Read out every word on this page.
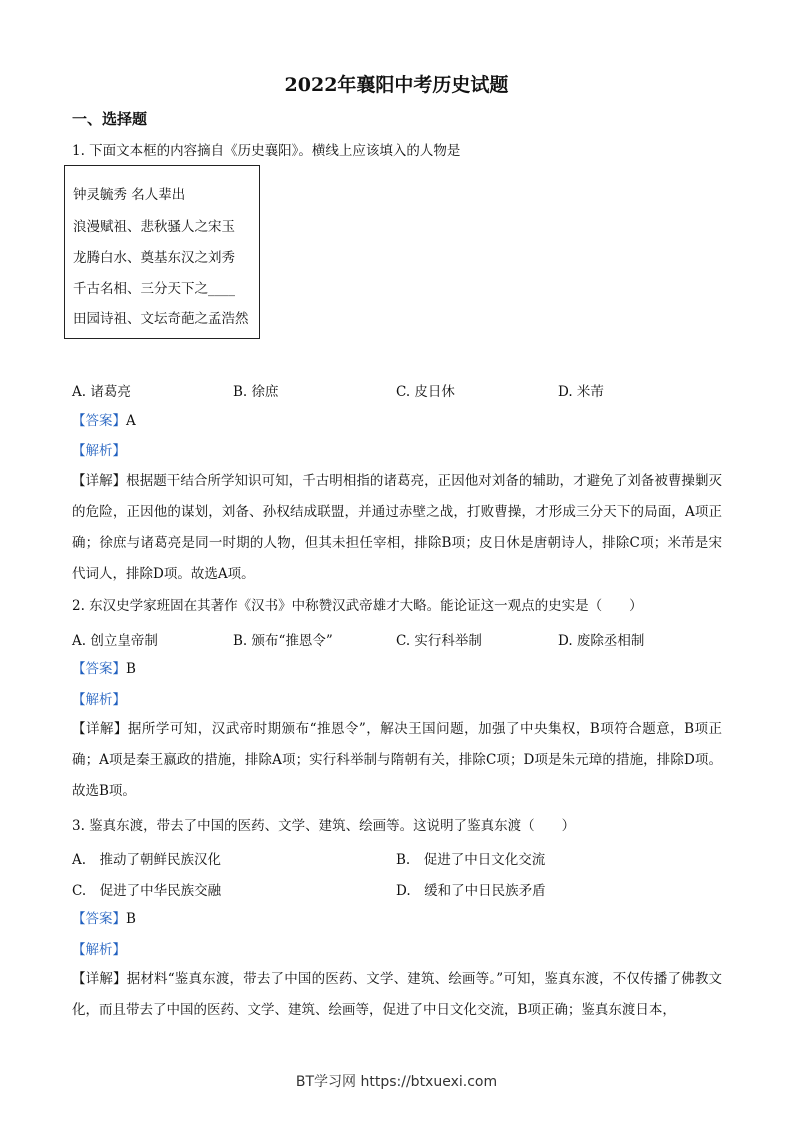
2022年襄阳中考历史试题
一、选择题
1. 下面文本框的内容摘自《历史襄阳》。横线上应该填入的人物是
钟灵毓秀 名人辈出
浪漫赋祖、悲秋骚人之宋玉
龙腾白水、奠基东汉之刘秀
千古名相、三分天下之____
田园诗祖、文坛奇葩之孟浩然
A. 诸葛亮	B. 徐庶	C. 皮日休	D. 米芾
【答案】A
【解析】
【详解】根据题干结合所学知识可知，千古明相指的诸葛亮，正因他对刘备的辅助，才避免了刘备被曹操剿灭的危险，正因他的谋划，刘备、孙权结成联盟，并通过赤壁之战，打败曹操，才形成三分天下的局面，A项正确；徐庶与诸葛亮是同一时期的人物，但其未担任宰相，排除B项；皮日休是唐朝诗人，排除C项；米芾是宋代词人，排除D项。故选A项。
2. 东汉史学家班固在其著作《汉书》中称赞汉武帝雄才大略。能论证这一观点的史实是（　　）
A. 创立皇帝制	B. 颁布“推恩令”	C. 实行科举制	D. 废除丞相制
【答案】B
【解析】
【详解】据所学可知，汉武帝时期颁布“推恩令”，解决王国问题，加强了中央集权，B项符合题意，B项正确；A项是秦王嬴政的措施，排除A项；实行科举制与隋朝有关，排除C项；D项是朱元璋的措施，排除D项。故选B项。
3. 鉴真东渡，带去了中国的医药、文学、建筑、绘画等。这说明了鉴真东渡（　　）
A.　推动了朝鲜民族汉化	B.　促进了中日文化交流
C.　促进了中华民族交融	D.　缓和了中日民族矛盾
【答案】B
【解析】
【详解】据材料“鉴真东渡，带去了中国的医药、文学、建筑、绘画等。”可知，鉴真东渡，不仅传播了佛教文化，而且带去了中国的医药、文学、建筑、绘画等，促进了中日文化交流，B项正确；鉴真东渡日本，
BT学习网 https://btxuexi.com
